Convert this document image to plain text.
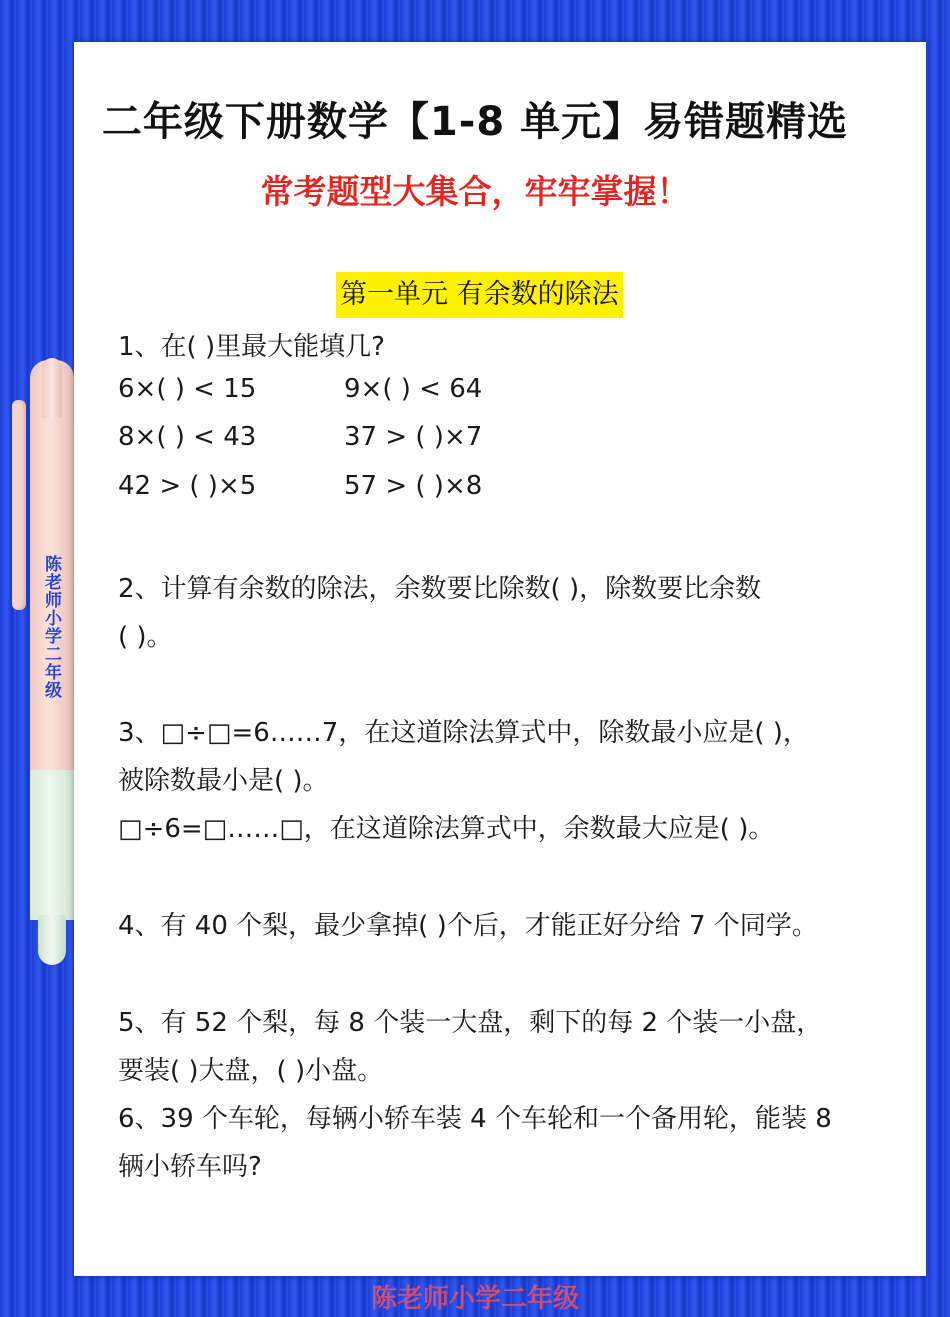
陈老师小学二年级
二年级下册数学【1-8 单元】易错题精选
常考题型大集合，牢牢掌握！
第一单元 有余数的除法
1、在( )里最大能填几?
6×( ) < 15	9×( ) < 64
8×( ) < 43	37 > ( )×7
42 > ( )×5	57 > ( )×8
2、计算有余数的除法，余数要比除数( )，除数要比余数
( )。
3、□÷□=6……7，在这道除法算式中，除数最小应是( )，
被除数最小是( )。
□÷6=□……□，在这道除法算式中，余数最大应是( )。
4、有 40 个梨，最少拿掉( )个后，才能正好分给 7 个同学。
5、有 52 个梨，每 8 个装一大盘，剩下的每 2 个装一小盘，
要装( )大盘，( )小盘。
6、39 个车轮，每辆小轿车装 4 个车轮和一个备用轮，能装 8
辆小轿车吗?
陈老师小学二年级
